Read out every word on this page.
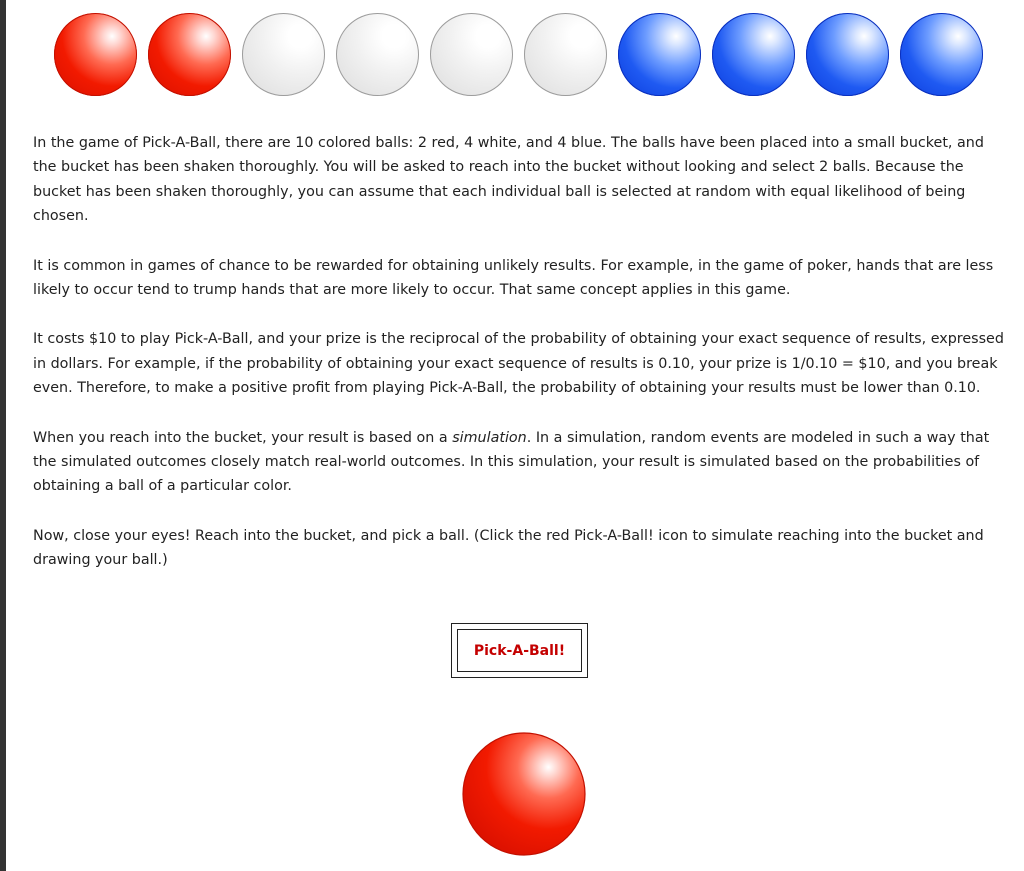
In the game of Pick-A-Ball, there are 10 colored balls: 2 red, 4 white, and 4 blue. The balls have been placed into a small bucket, and the bucket has been shaken thoroughly. You will be asked to reach into the bucket without looking and select 2 balls. Because the bucket has been shaken thoroughly, you can assume that each individual ball is selected at random with equal likelihood of being chosen.

It is common in games of chance to be rewarded for obtaining unlikely results. For example, in the game of poker, hands that are less likely to occur tend to trump hands that are more likely to occur. That same concept applies in this game.

It costs $10 to play Pick-A-Ball, and your prize is the reciprocal of the probability of obtaining your exact sequence of results, expressed in dollars. For example, if the probability of obtaining your exact sequence of results is 0.10, your prize is 1/0.10 = $10, and you break even. Therefore, to make a positive profit from playing Pick-A-Ball, the probability of obtaining your results must be lower than 0.10.

When you reach into the bucket, your result is based on a simulation. In a simulation, random events are modeled in such a way that the simulated outcomes closely match real-world outcomes. In this simulation, your result is simulated based on the probabilities of obtaining a ball of a particular color.

Now, close your eyes! Reach into the bucket, and pick a ball. (Click the red Pick-A-Ball! icon to simulate reaching into the bucket and drawing your ball.)

Pick-A-Ball!
